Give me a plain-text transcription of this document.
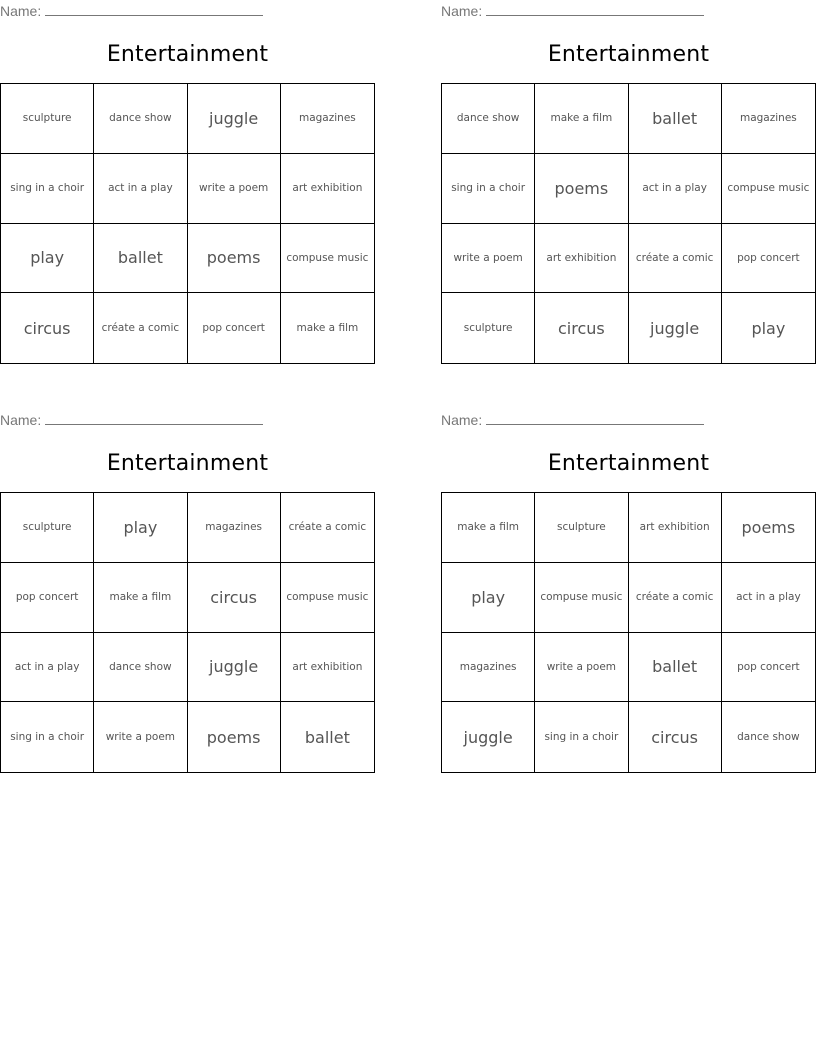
Name:
Entertainment
sculpture	dance show	juggle	magazines
sing in a choir	act in a play	write a poem	art exhibition
play	ballet	poems	compuse music
circus	créate a comic	pop concert	make a film
Name:
Entertainment
dance show	make a film	ballet	magazines
sing in a choir	poems	act in a play	compuse music
write a poem	art exhibition	créate a comic	pop concert
sculpture	circus	juggle	play
Name:
Entertainment
sculpture	play	magazines	créate a comic
pop concert	make a film	circus	compuse music
act in a play	dance show	juggle	art exhibition
sing in a choir	write a poem	poems	ballet
Name:
Entertainment
make a film	sculpture	art exhibition	poems
play	compuse music	créate a comic	act in a play
magazines	write a poem	ballet	pop concert
juggle	sing in a choir	circus	dance show
